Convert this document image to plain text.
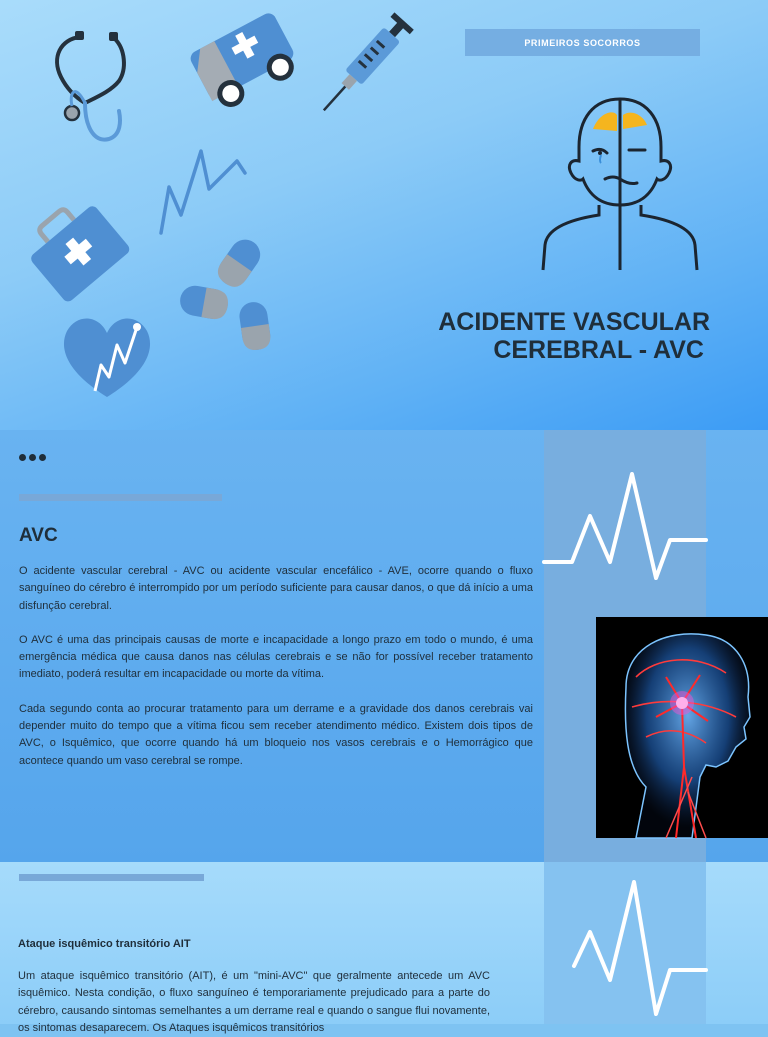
PRIMEIROS SOCORROS
ACIDENTE VASCULAR
CEREBRAL - AVC
AVC

O acidente vascular cerebral - AVC ou acidente vascular encefálico - AVE, ocorre quando o fluxo sanguíneo do cérebro é interrompido por um período suficiente para causar danos, o que dá início a uma disfunção cerebral.

O AVC é uma das principais causas de morte e incapacidade a longo prazo em todo o mundo, é uma emergência médica que causa danos nas células cerebrais e se não for possível receber tratamento imediato, poderá resultar em incapacidade ou morte da vítima.

Cada segundo conta ao procurar tratamento para um derrame e a gravidade dos danos cerebrais vai depender muito do tempo que a vítima ficou sem receber atendimento médico. Existem dois tipos de AVC, o Isquêmico, que ocorre quando há um bloqueio nos vasos cerebrais e o Hemorrágico que acontece quando um vaso cerebral se rompe.

Ataque isquêmico transitório AIT

Um ataque isquêmico transitório (AIT), é um "mini-AVC" que geralmente antecede um AVC isquêmico. Nesta condição, o fluxo sanguíneo é temporariamente prejudicado para a parte do cérebro, causando sintomas semelhantes a um derrame real e quando o sangue flui novamente, os sintomas desaparecem. Os Ataques isquêmicos transitórios
